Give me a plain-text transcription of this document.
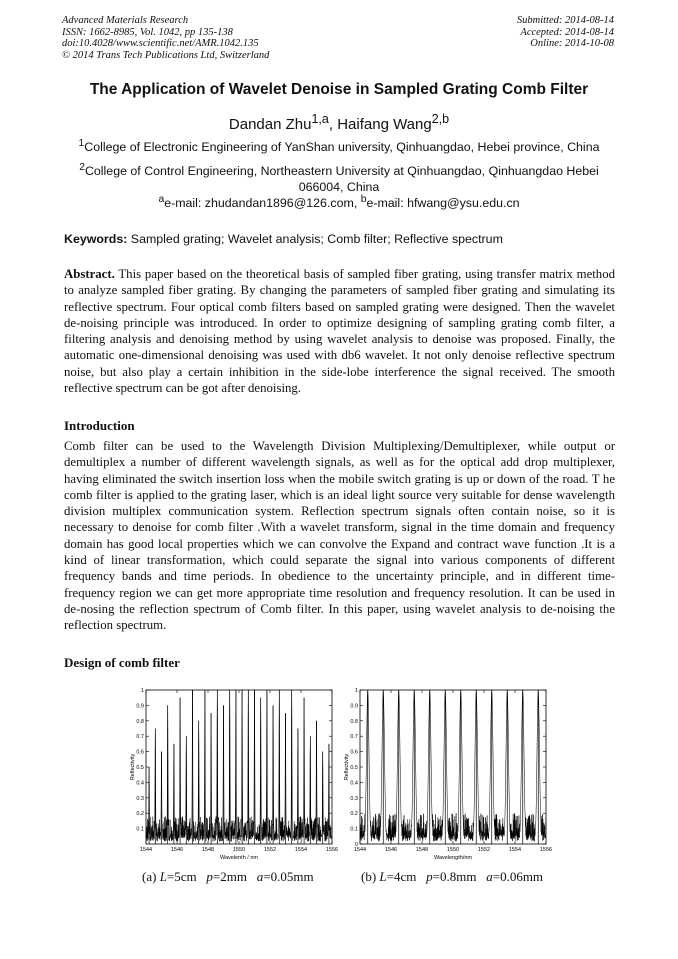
Advanced Materials Research
ISSN: 1662-8985, Vol. 1042, pp 135-138
doi:10.4028/www.scientific.net/AMR.1042.135
© 2014 Trans Tech Publications Ltd, Switzerland
Submitted: 2014-08-14
Accepted: 2014-08-14
Online: 2014-10-08
The Application of Wavelet Denoise in Sampled Grating Comb Filter
Dandan Zhu$^{1,a}$, Haifang Wang$^{2,b}$
$^1$College of Electronic Engineering of YanShan university, Qinhuangdao, Hebei province, China
$^2$College of Control Engineering, Northeastern University at Qinhuangdao, Qinhuangdao Hebei 066004, China
$^a$e-mail: zhudandan1896@126.com, $^b$e-mail: hfwang@ysu.edu.cn
Keywords: Sampled grating; Wavelet analysis; Comb filter; Reflective spectrum
Abstract. This paper based on the theoretical basis of sampled fiber grating, using transfer matrix method to analyze sampled fiber grating. By changing the parameters of sampled fiber grating and simulating its reflective spectrum. Four optical comb filters based on sampled grating were designed. Then the wavelet de-noising principle was introduced. In order to optimize designing of sampling grating comb filter, a filtering analysis and denoising method by using wavelet analysis to denoise was proposed. Finally, the automatic one-dimensional denoising was used with db6 wavelet. It not only denoise reflective spectrum noise, but also play a certain inhibition in the side-lobe interference the signal received. The smooth reflective spectrum can be got after denoising.
Introduction
Comb filter can be used to the Wavelength Division Multiplexing/Demultiplexer, while output or demultiplex a number of different wavelength signals, as well as for the optical add drop multiplexer, having eliminated the switch insertion loss when the mobile switch grating is up or down of the road. T he comb filter is applied to the grating laser, which is an ideal light source very suitable for dense wavelength division multiplex communication system. Reflection spectrum signals often contain noise, so it is necessary to denoise for comb filter .With a wavelet transform, signal in the time domain and frequency domain has good local properties which we can convolve the Expand and contract wave function .It is a kind of linear transformation, which could separate the signal into various components of different frequency bands and time periods. In obedience to the uncertainty principle, and in different time-frequency region we can get more appropriate time resolution and frequency resolution. It can be used in de-nosing the reflection spectrum of Comb filter. In this paper, using wavelet analysis to de-noising the reflection spectrum.
Design of comb filter
0.1
0.2
0.3
0.4
0.5
0.6
0.7
0.8
0.9
1
1544	1546	1548	1550	1552	1554	1556
Wavelenth / nm
Reflectivity
0
0.1
0.2
0.3
0.4
0.5
0.6
0.7
0.8
0.9
1
1544	1546	1548	1550	1552	1554	1556
Wavelength/nm
Reflectivity
(a) L=5cm p=2mm a=0.05mm	(b) L=4cm p=0.8mm a=0.06mm
